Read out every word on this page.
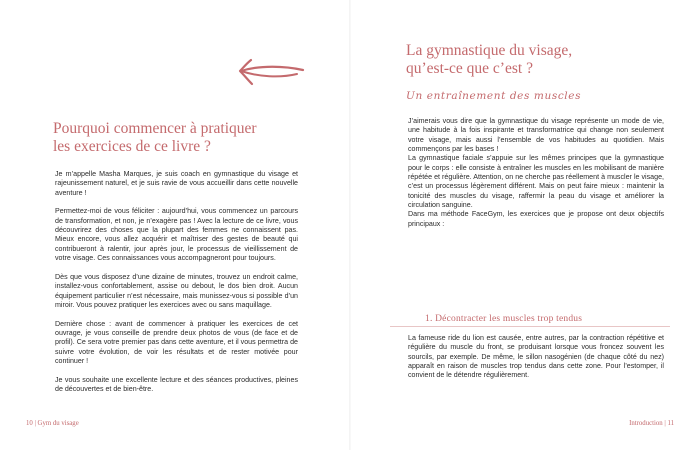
Pourquoi commencer à pratiquer
les exercices de ce livre ?

Je m’appelle Masha Marques, je suis coach en gymnastique du visage et rajeunissement naturel, et je suis ravie de vous accueillir dans cette nouvelle aventure !

Permettez-moi de vous féliciter : aujourd’hui, vous commencez un parcours de transformation, et non, je n’exagère pas ! Avec la lecture de ce livre, vous découvrirez des choses que la plupart des femmes ne connaissent pas. Mieux encore, vous allez acquérir et maîtriser des gestes de beauté qui contribueront à ralentir, jour après jour, le processus de vieillissement de votre visage. Ces connaissances vous accompagneront pour toujours.

Dès que vous disposez d’une dizaine de minutes, trouvez un endroit calme, installez-vous confortablement, assise ou debout, le dos bien droit. Aucun équipement particulier n’est nécessaire, mais munissez-vous si possible d’un miroir. Vous pouvez pratiquer les exercices avec ou sans maquillage.

Dernière chose : avant de commencer à pratiquer les exercices de cet ouvrage, je vous conseille de prendre deux photos de vous (de face et de profil). Ce sera votre premier pas dans cette aventure, et il vous permettra de suivre votre évolution, de voir les résultats et de rester motivée pour continuer !

Je vous souhaite une excellente lecture et des séances productives, pleines de découvertes et de bien-être.

10 | Gym du visage
La gymnastique du visage,
qu’est-ce que c’est ?
Un entraînement des muscles

J’aimerais vous dire que la gymnastique du visage représente un mode de vie, une habitude à la fois inspirante et transformatrice qui change non seulement votre visage, mais aussi l’ensemble de vos habitudes au quotidien. Mais commençons par les bases !

La gymnastique faciale s’appuie sur les mêmes principes que la gymnastique pour le corps : elle consiste à entraîner les muscles en les mobilisant de manière répétée et régulière. Attention, on ne cherche pas réellement à muscler le visage, c’est un processus légèrement différent. Mais on peut faire mieux : maintenir la tonicité des muscles du visage, raffermir la peau du visage et améliorer la circulation sanguine.

Dans ma méthode FaceGym, les exercices que je propose ont deux objectifs principaux :

1. Décontracter les muscles trop tendus

La fameuse ride du lion est causée, entre autres, par la contraction répétitive et régulière du muscle du front, se produisant lorsque vous froncez souvent les sourcils, par exemple. De même, le sillon nasogénien (de chaque côté du nez) apparaît en raison de muscles trop tendus dans cette zone. Pour l’estomper, il convient de le détendre régulièrement.

Introduction | 11
